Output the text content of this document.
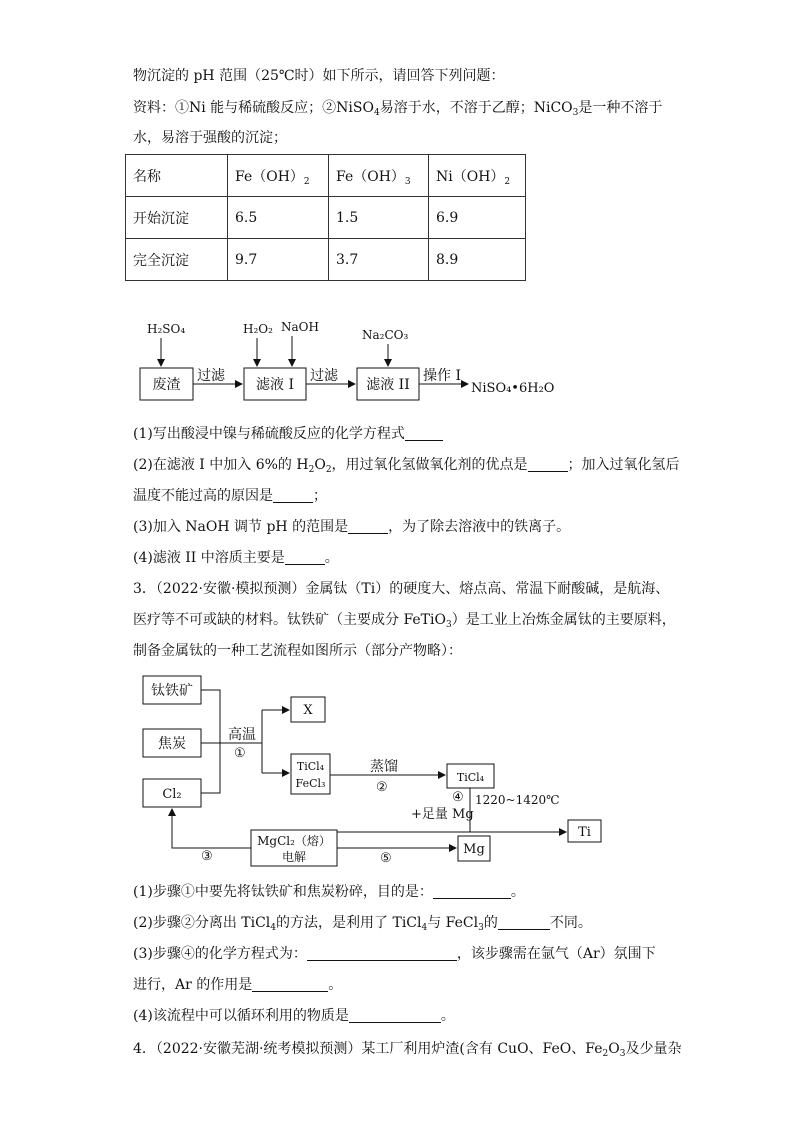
物沉淀的 pH 范围（25℃时）如下所示，请回答下列问题：
资料：①Ni 能与稀硫酸反应；②NiSO$_4$易溶于水，不溶于乙醇；NiCO$_3$是一种不溶于
水，易溶于强酸的沉淀；
名称	$Fe(OH)_2$	$Fe(OH)_3$	$Ni(OH)_2$
开始沉淀	6.5	1.5	6.9
完全沉淀	9.7	3.7	8.9
H₂SO₄	H₂O₂ NaOH
Na₂CO₃
废渣
过滤
滤液 I
过滤
滤液 II
操作 I
NiSO₄•6H₂O
(1)写出酸浸中镍与稀硫酸反应的化学方程式
(2)在滤液 I 中加入 6%的 $H_2O_2$，用过氧化氢做氧化剂的优点是	；加入过氧化氢后
温度不能过高的原因是	；
(3)加入 NaOH 调节 pH 的范围是	，为了除去溶液中的铁离子。
(4)滤液 II 中溶质主要是	。
3．（2022·安徽·模拟预测）金属钛（Ti）的硬度大、熔点高、常温下耐酸碱，是航海、
医疗等不可或缺的材料。钛铁矿（主要成分 FeTiO$_3$）是工业上冶炼金属钛的主要原料，
制备金属钛的一种工艺流程如图所示（部分产物略）：
钛铁矿
焦炭
Cl₂
高温
①
X
TiCl₄
FeCl₃
蒸馏
②
TiCl₄
④ 1220~1420℃
+足量 Mg
Ti
MgCl₂（熔）
电解	⑤
Mg
③
(1)步骤①中要先将钛铁矿和焦炭粉碎，目的是：	。
(2)步骤②分离出 TiCl$_4$的方法，是利用了 TiCl$_4$与 FeCl$_3$的	不同。
(3)步骤④的化学方程式为：	，该步骤需在氩气（Ar）氛围下
进行，Ar 的作用是	。
(4)该流程中可以循环利用的物质是	。
4．（2022·安徽芜湖·统考模拟预测）某工厂利用炉渣(含有 CuO、FeO、$Fe_2O_3$及少量杂
